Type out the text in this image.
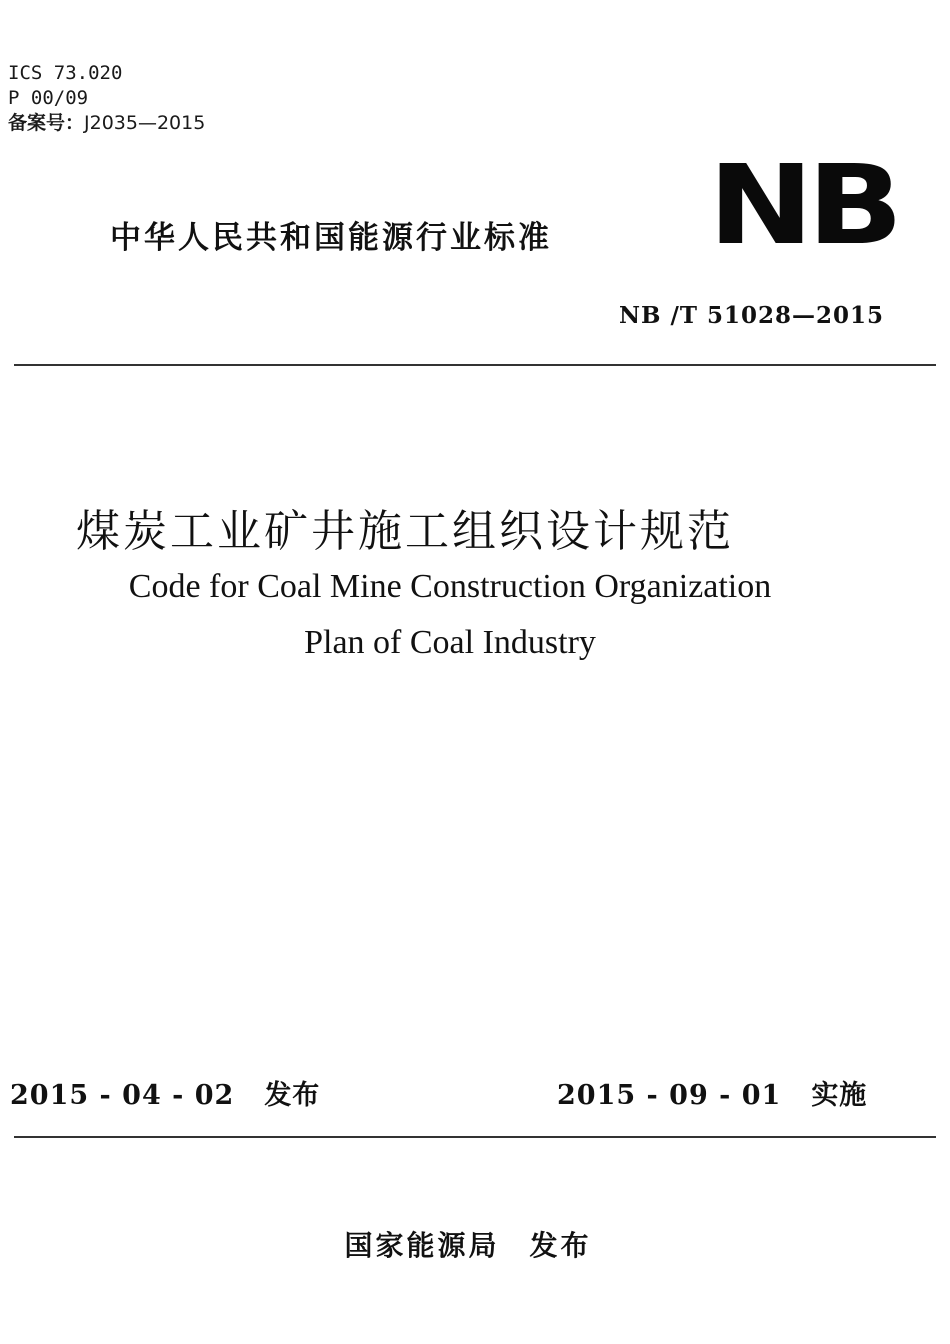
ICS 73.020
P 00/09
备案号：J2035—2015
中华人民共和国能源行业标准 NB
NB /T 51028—2015
煤炭工业矿井施工组织设计规范
Code for Coal Mine Construction Organization
Plan of Coal Industry
2015 - 04 - 02 发布	2015 - 09 - 01 实施
国家能源局 发布
